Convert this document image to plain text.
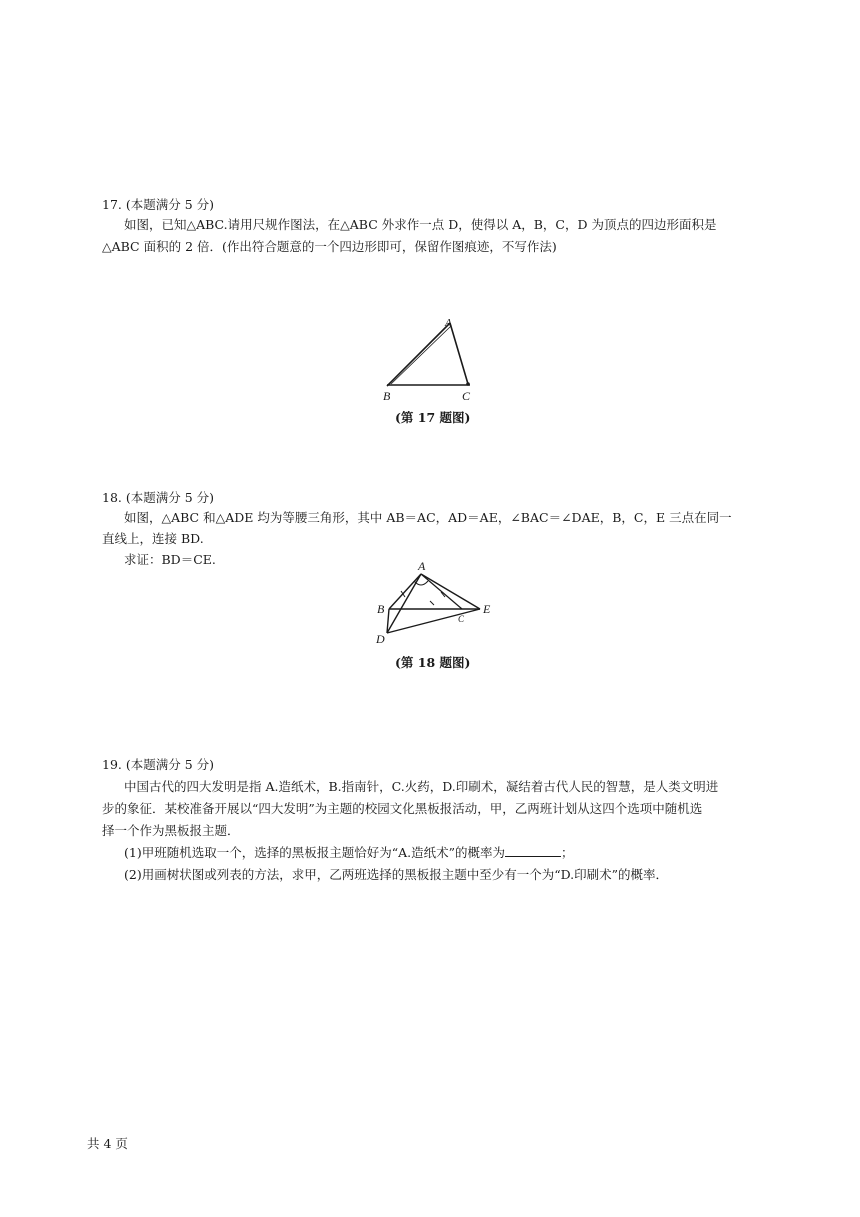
17. (本题满分 5 分)
如图，已知△ABC.请用尺规作图法，在△ABC 外求作一点 D，使得以 A，B，C，D 为顶点的四边形面积是
△ABC 面积的 2 倍．(作出符合题意的一个四边形即可，保留作图痕迹，不写作法)
A
B	C
(第 17 题图)
18. (本题满分 5 分)
如图，△ABC 和△ADE 均为等腰三角形，其中 AB＝AC，AD＝AE，∠BAC＝∠DAE，B，C，E 三点在同一
直线上，连接 BD.
求证：BD＝CE.	A
B
C
D
E
(第 18 题图)
19. (本题满分 5 分)
中国古代的四大发明是指 A.造纸术，B.指南针，C.火药，D.印刷术，凝结着古代人民的智慧，是人类文明进
步的象征．某校准备开展以“四大发明”为主题的校园文化黑板报活动，甲，乙两班计划从这四个选项中随机选
择一个作为黑板报主题．
(1)甲班随机选取一个，选择的黑板报主题恰好为“A.造纸术”的概率为	；
(2)用画树状图或列表的方法，求甲，乙两班选择的黑板报主题中至少有一个为“D.印刷术”的概率．
共 4 页
